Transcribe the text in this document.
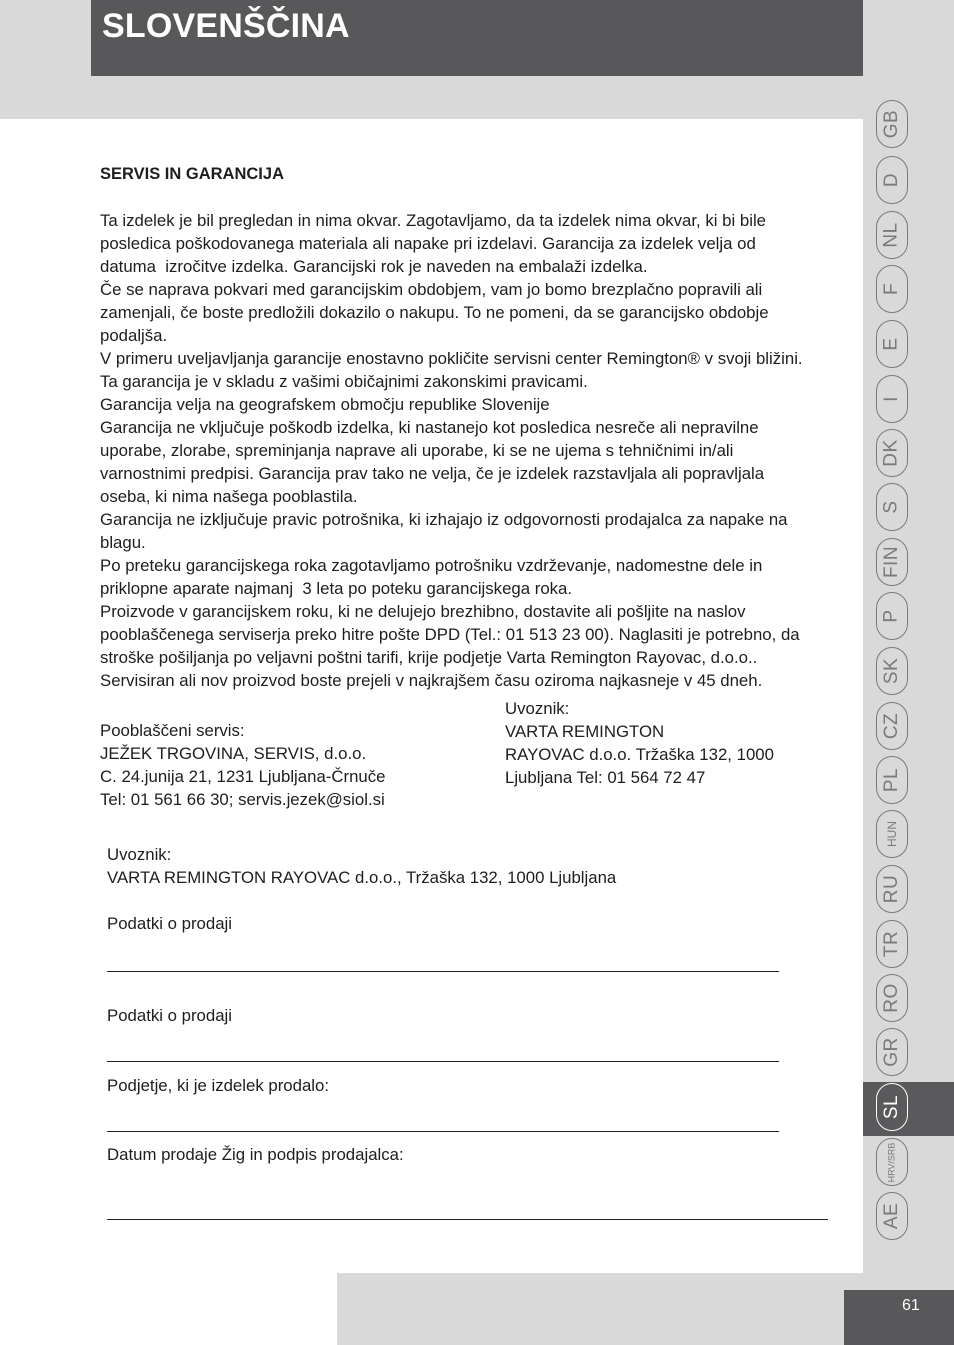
SLOVENŠČINA

SERVIS IN GARANCIJA

Ta izdelek je bil pregledan in nima okvar. Zagotavljamo, da ta izdelek nima okvar, ki bi bile
posledica poškodovanega materiala ali napake pri izdelavi. Garancija za izdelek velja od
datuma  izročitve izdelka. Garancijski rok je naveden na embalaži izdelka.

Če se naprava pokvari med garancijskim obdobjem, vam jo bomo brezplačno popravili ali
zamenjali, če boste predložili dokazilo o nakupu. To ne pomeni, da se garancijsko obdobje
podaljša.

V primeru uveljavljanja garancije enostavno pokličite servisni center Remington® v svoji bližini.

Ta garancija je v skladu z vašimi običajnimi zakonskimi pravicami.

Garancija velja na geografskem območju republike Slovenije

Garancija ne vključuje poškodb izdelka, ki nastanejo kot posledica nesreče ali nepravilne
uporabe, zlorabe, spreminjanja naprave ali uporabe, ki se ne ujema s tehničnimi in/ali
varnostnimi predpisi. Garancija prav tako ne velja, če je izdelek razstavljala ali popravljala
oseba, ki nima našega pooblastila.

Garancija ne izključuje pravic potrošnika, ki izhajajo iz odgovornosti prodajalca za napake na
blagu.

Po preteku garancijskega roka zagotavljamo potrošniku vzdrževanje, nadomestne dele in
priklopne aparate najmanj  3 leta po poteku garancijskega roka.

Proizvode v garancijskem roku, ki ne delujejo brezhibno, dostavite ali pošljite na naslov
pooblaščenega serviserja preko hitre pošte DPD (Tel.: 01 513 23 00). Naglasiti je potrebno, da
stroške pošiljanja po veljavni poštni tarifi, krije podjetje Varta Remington Rayovac, d.o.o..
Servisiran ali nov proizvod boste prejeli v najkrajšem času oziroma najkasneje v 45 dneh.

Pooblaščeni servis:
JEŽEK TRGOVINA, SERVIS, d.o.o.
C. 24.junija 21, 1231 Ljubljana-Črnuče
Tel: 01 561 66 30; servis.jezek@siol.si
Uvoznik:
VARTA REMINGTON
RAYOVAC d.o.o. Tržaška 132, 1000
Ljubljana Tel: 01 564 72 47
Uvoznik:
VARTA REMINGTON RAYOVAC d.o.o., Tržaška 132, 1000 Ljubljana
Podatki o prodaji
Podatki o prodaji
Podjetje, ki je izdelek prodalo:
Datum prodaje Žig in podpis prodajalca:
GB
D
NL
F
E
I
DK
S
FIN
P
SK
CZ
PL
HUN
RU
TR
RO
GR
SL
HRV/SRB
AE
61
